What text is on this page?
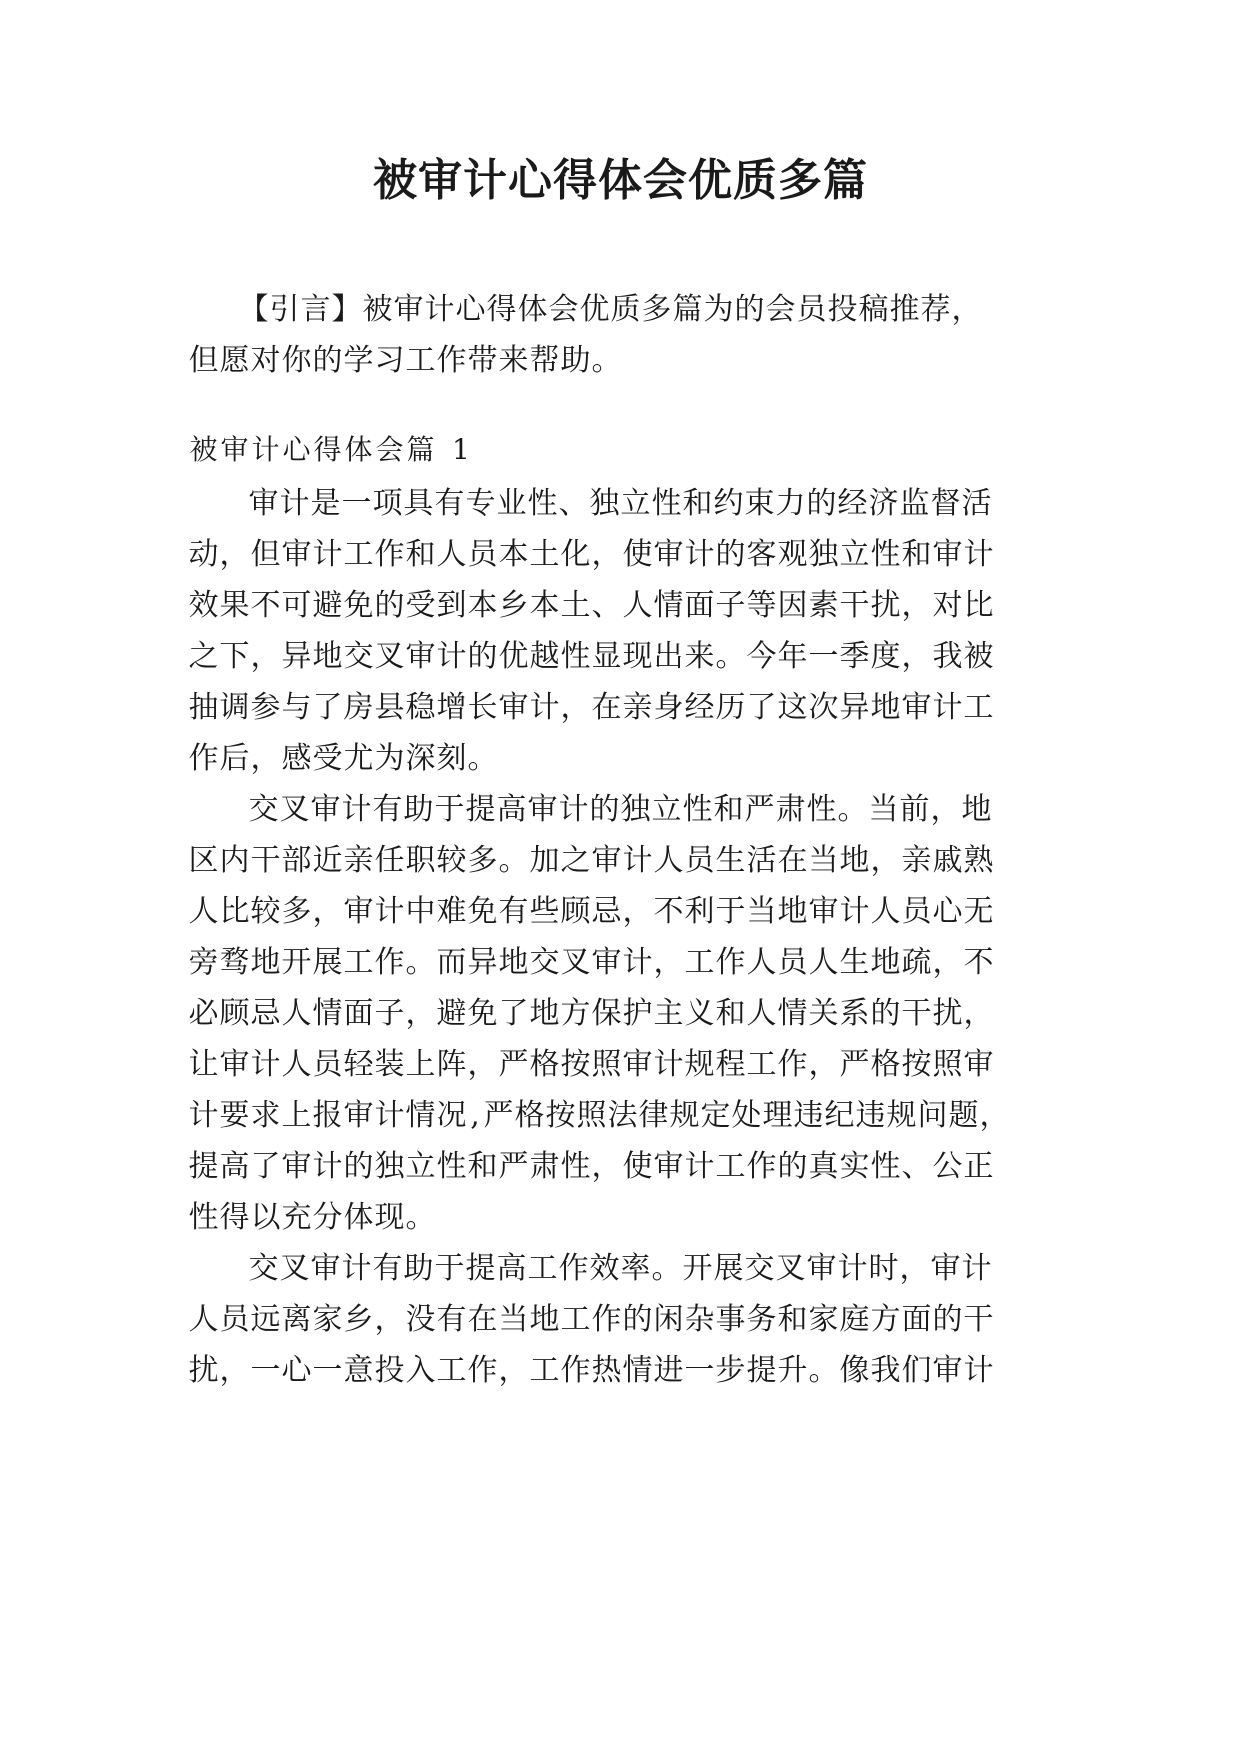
被审计心得体会优质多篇
【 引 言 】 被 审 计 心 得 体 会 优 质 多 篇 为 的 会 员 投 稿 推 荐 ，
但 愿 对 你 的 学 习 工 作 带 来 帮 助 。
被 审 计 心 得 体 会 篇 1
审 计 是 一 项 具 有 专 业 性 、 独 立 性 和 约 束 力 的 经 济 监 督 活
动 ， 但 审 计 工 作 和 人 员 本 土 化 ， 使 审 计 的 客 观 独 立 性 和 审 计
效 果 不 可 避 免 的 受 到 本 乡 本 土 、 人 情 面 子 等 因 素 干 扰 ， 对 比
之 下 ， 异 地 交 叉 审 计 的 优 越 性 显 现 出 来 。 今 年 一 季 度 ， 我 被
抽 调 参 与 了 房 县 稳 增 长 审 计 ， 在 亲 身 经 历 了 这 次 异 地 审 计 工
作 后 ， 感 受 尤 为 深 刻 。
交 叉 审 计 有 助 于 提 高 审 计 的 独 立 性 和 严 肃 性 。 当 前 ， 地
区 内 干 部 近 亲 任 职 较 多 。 加 之 审 计 人 员 生 活 在 当 地 ， 亲 戚 熟
人 比 较 多 ， 审 计 中 难 免 有 些 顾 忌 ， 不 利 于 当 地 审 计 人 员 心 无
旁 骛 地 开 展 工 作 。 而 异 地 交 叉 审 计 ， 工 作 人 员 人 生 地 疏 ， 不
必 顾 忌 人 情 面 子 ， 避 免 了 地 方 保 护 主 义 和 人 情 关 系 的 干 扰 ，
让 审 计 人 员 轻 装 上 阵 ， 严 格 按 照 审 计 规 程 工 作 ， 严 格 按 照 审
计 要 求 上 报 审 计 情 况 , 严 格 按 照 法 律 规 定 处 理 违 纪 违 规 问 题 ，
提 高 了 审 计 的 独 立 性 和 严 肃 性 ， 使 审 计 工 作 的 真 实 性 、 公 正
性 得 以 充 分 体 现 。
交 叉 审 计 有 助 于 提 高 工 作 效 率 。 开 展 交 叉 审 计 时 ， 审 计
人 员 远 离 家 乡 ， 没 有 在 当 地 工 作 的 闲 杂 事 务 和 家 庭 方 面 的 干
扰 ， 一 心 一 意 投 入 工 作 ， 工 作 热 情 进 一 步 提 升 。 像 我 们 审 计
